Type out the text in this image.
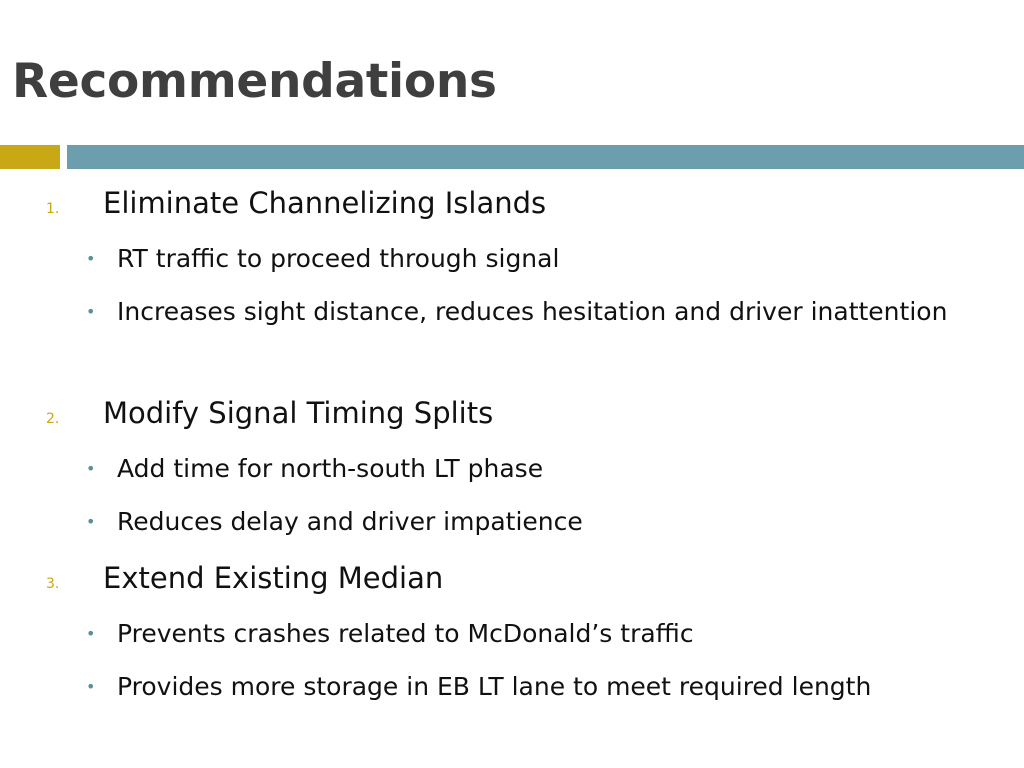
Recommendations
1. Eliminate Channelizing Islands
• RT traffic to proceed through signal
• Increases sight distance, reduces hesitation and driver inattention
2. Modify Signal Timing Splits
• Add time for north-south LT phase
• Reduces delay and driver impatience
3. Extend Existing Median
• Prevents crashes related to McDonald’s traffic
• Provides more storage in EB LT lane to meet required length
